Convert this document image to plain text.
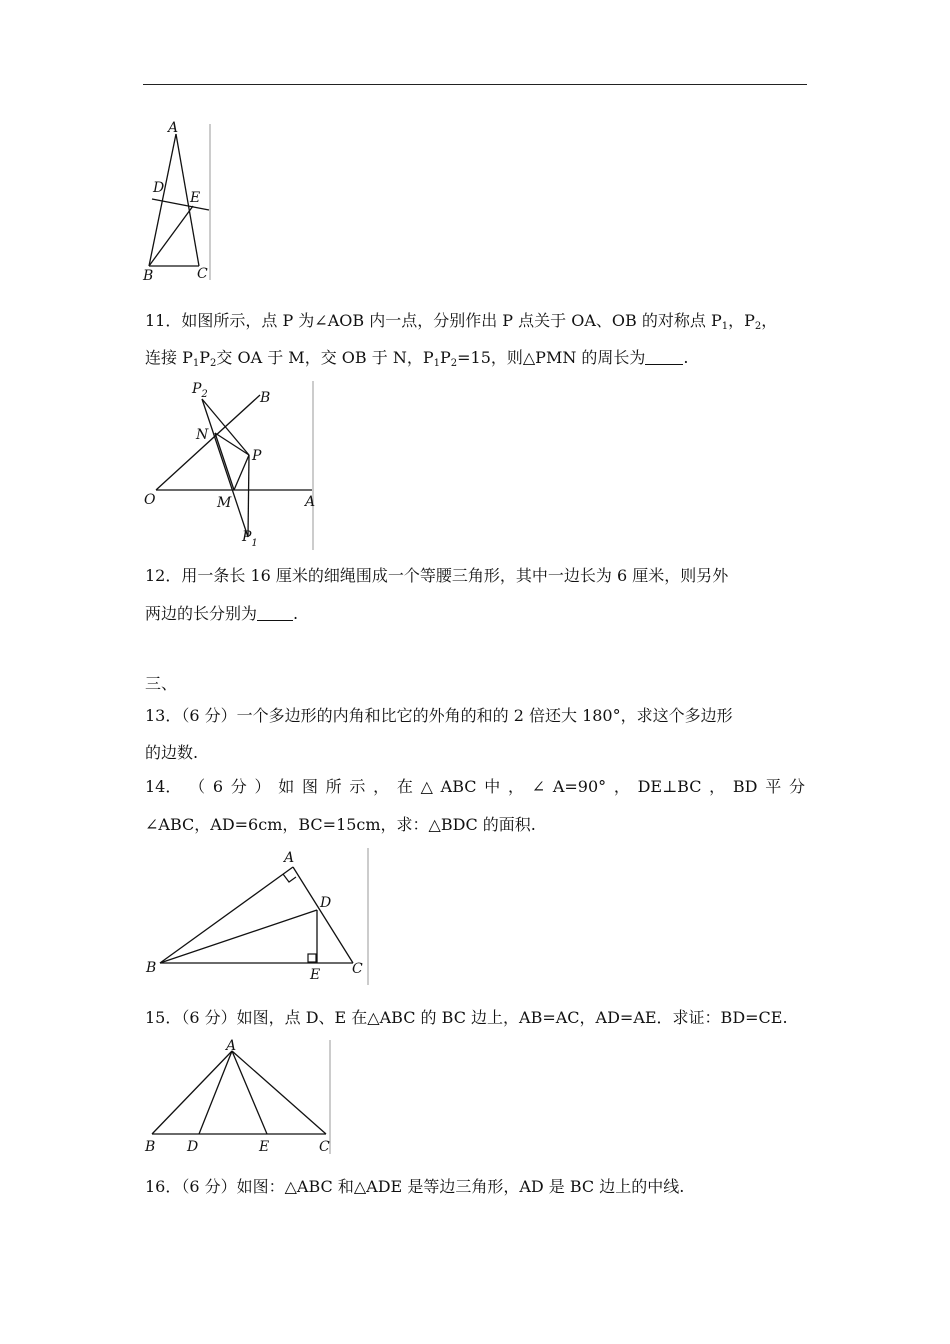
A
D
E
B	C
11．如图所示，点 P 为∠AOB 内一点，分别作出 P 点关于 OA、OB 的对称点 $P_1$，$P_2$，
连接 $P_1P_2$交 OA 于 M，交 OB 于 N，$P_1P_2=15$，则△PMN 的周长为 .
$P_2$	B
N
P
O	M	A
$P_1$
12．用一条长 16 厘米的细绳围成一个等腰三角形，其中一边长为 6 厘米，则另外
两边的长分别为 .
三、
13．（6 分）一个多边形的内角和比它的外角的和的 2 倍还大 180°，求这个多边形
的边数.
14． （ 6 分 ） 如 图 所 示 ， 在 △ ABC 中 ， ∠ A=90° ， DE⊥BC ， BD 平 分
∠ABC，AD=6cm，BC=15cm，求：△BDC 的面积.
A
D
B	E C
15．（6 分）如图，点 D、E 在△ABC 的 BC 边上，AB=AC，AD=AE．求证：BD=CE.
A
B D	E	C
16．（6 分）如图：△ABC 和△ADE 是等边三角形，AD 是 BC 边上的中线.
